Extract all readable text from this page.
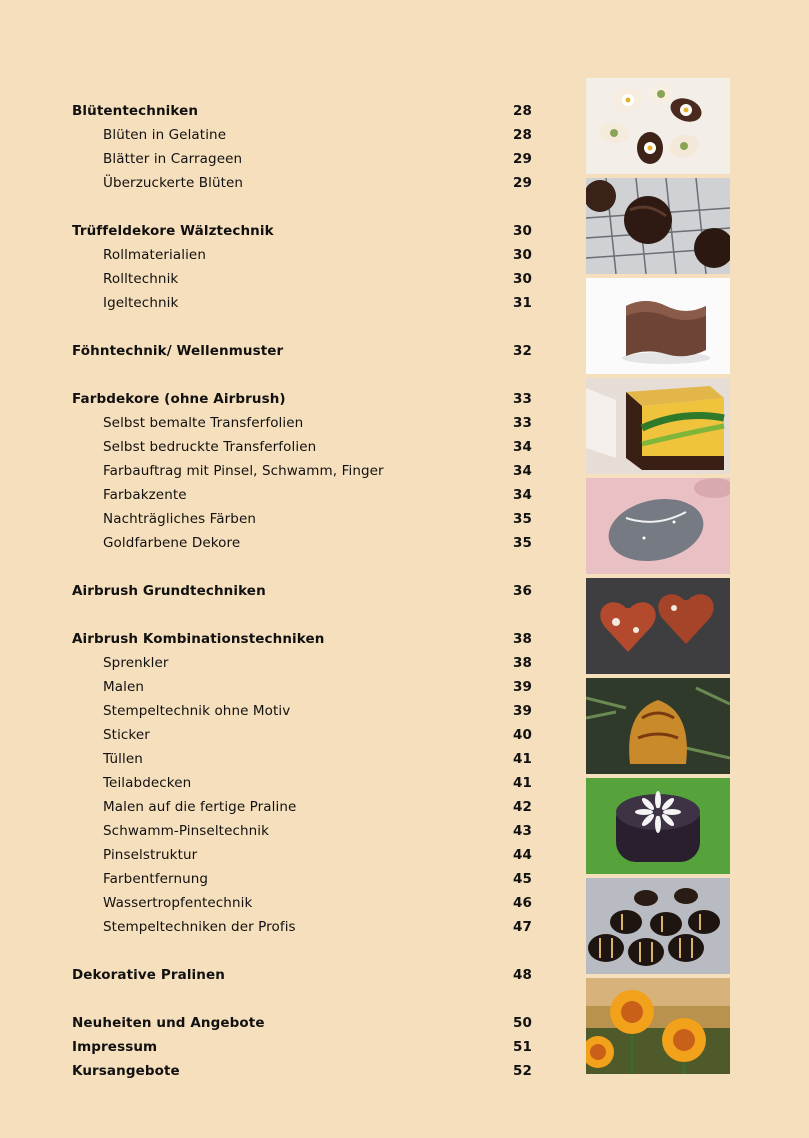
Blütentechniken	28
Blüten in Gelatine	28
Blätter in Carrageen	29
Überzuckerte Blüten	29
Trüffeldekore Wälztechnik	30
Rollmaterialien	30
Rolltechnik	30
Igeltechnik	31
Föhntechnik/ Wellenmuster	32
Farbdekore (ohne Airbrush)	33
Selbst bemalte Transferfolien	33
Selbst bedruckte Transferfolien	34
Farbauftrag mit Pinsel, Schwamm, Finger	34
Farbakzente	34
Nachträgliches Färben	35
Goldfarbene Dekore	35
Airbrush Grundtechniken	36
Airbrush Kombinationstechniken	38
Sprenkler	38
Malen	39
Stempeltechnik ohne Motiv	39
Sticker	40
Tüllen	41
Teilabdecken	41
Malen auf die fertige Praline	42
Schwamm-Pinseltechnik	43
Pinselstruktur	44
Farbentfernung	45
Wassertropfentechnik	46
Stempeltechniken der Profis	47
Dekorative Pralinen	48
Neuheiten und Angebote	50
Impressum	51
Kursangebote	52
